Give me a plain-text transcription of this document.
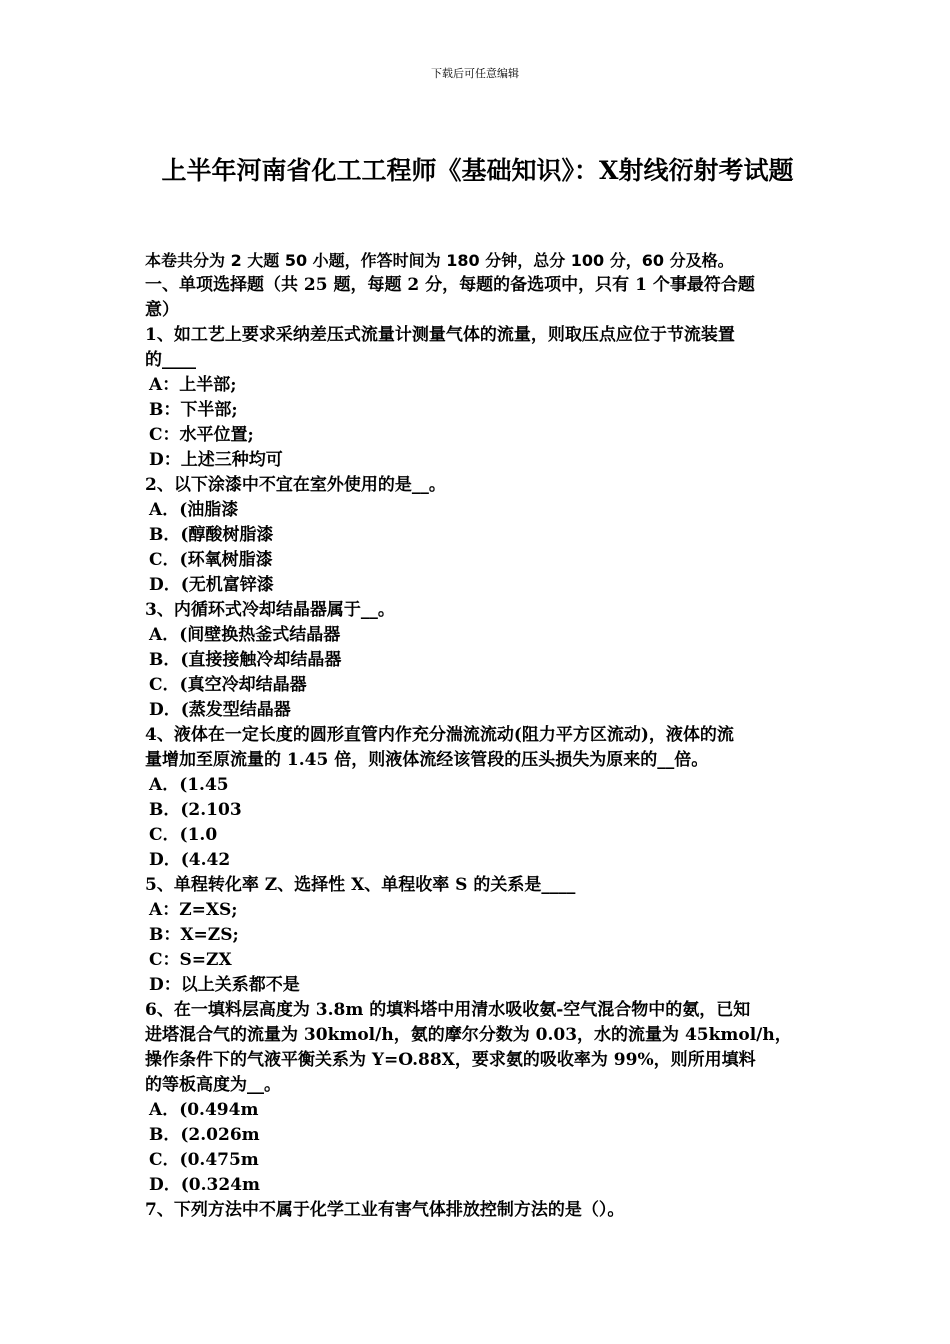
下载后可任意编辑
上半年河南省化工工程师《基础知识》：X射线衍射考试题
本卷共分为 2 大题 50 小题，作答时间为 180 分钟，总分 100 分，60 分及格。
一、单项选择题（共 25 题，每题 2 分，每题的备选项中，只有 1 个事最符合题
意）
1、如工艺上要求采纳差压式流量计测量气体的流量，则取压点应位于节流装置
的____
A：上半部;
B：下半部;
C：水平位置;
D：上述三种均可
2、以下涂漆中不宜在室外使用的是__。
A．(油脂漆
B．(醇酸树脂漆
C．(环氧树脂漆
D．(无机富锌漆
3、内循环式冷却结晶器属于__。
A．(间壁换热釜式结晶器
B．(直接接触冷却结晶器
C．(真空冷却结晶器
D．(蒸发型结晶器
4、液体在一定长度的圆形直管内作充分湍流流动(阻力平方区流动)，液体的流
量增加至原流量的 1.45 倍，则液体流经该管段的压头损失为原来的__倍。
A．(1.45
B．(2.103
C．(1.0
D．(4.42
5、单程转化率 Z、选择性 X、单程收率 S 的关系是____
A：Z=XS;
B：X=ZS;
C：S=ZX
D：以上关系都不是
6、在一填料层高度为 3.8m 的填料塔中用清水吸收氨-空气混合物中的氨，已知
进塔混合气的流量为 30kmol/h，氨的摩尔分数为 0.03，水的流量为 45kmol/h，
操作条件下的气液平衡关系为 Y=O.88X，要求氨的吸收率为 99%，则所用填料
的等板高度为__。
A．(0.494m
B．(2.026m
C．(0.475m
D．(0.324m
7、下列方法中不属于化学工业有害气体排放控制方法的是（）。
